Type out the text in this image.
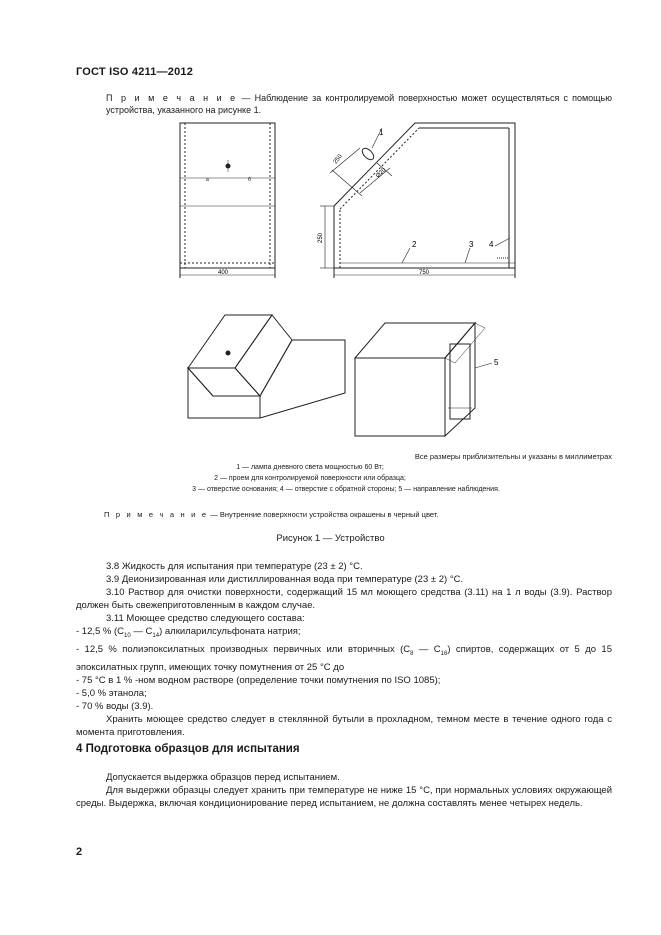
ГОСТ ISO 4211—2012

П р и м е ч а н и е — Наблюдение за контролируемой поверхностью может осуществляться с помощью устройства, указанного на рисунке 1.

a	б
400
250
Ø20
250
750
1
2	3 4
5
Все размеры приблизительны и указаны в миллиметрах
1 — лампа дневного света мощностью 60 Вт;
2 — проем для контролируемой поверхности или образца;
3 — отверстие основания; 4 — отверстие с обратной стороны; 5 — направление наблюдения.
П р и м е ч а н и е — Внутренние поверхности устройства окрашены в черный цвет.
Рисунок 1 — Устройство

3.8 Жидкость для испытания при температуре (23 ± 2) °С.

3.9 Деионизированная или дистиллированная вода при температуре (23 ± 2) °С.

3.10 Раствор для очистки поверхности, содержащий 15 мл моющего средства (3.11) на 1 л воды (3.9). Раствор должен быть свежеприготовленным в каждом случае.

3.11 Моющее средство следующего состава:

- 12,5 % ($С_{10}$ — $С_{14}$) алкиларилсульфоната натрия;

- 12,5 % полиэпоксилатных производных первичных или вторичных ($С_8$ — $С_{16}$) спиртов, содержащих от 5 до 15 эпоксилатных групп, имеющих точку помутнения от 25 °С до

- 75 °С в 1 % -ном водном растворе (определение точки помутнения по ISO 1085);

- 5,0 % этанола;

- 70 % воды (3.9).

Хранить моющее средство следует в стеклянной бутыли в прохладном, темном месте в течение одного года с момента приготовления.

4 Подготовка образцов для испытания

Допускается выдержка образцов перед испытанием.

Для выдержки образцы следует хранить при температуре не ниже 15 °С, при нормальных условиях окружающей среды. Выдержка, включая кондиционирование перед испытанием, не должна составлять менее четырех недель.

2
